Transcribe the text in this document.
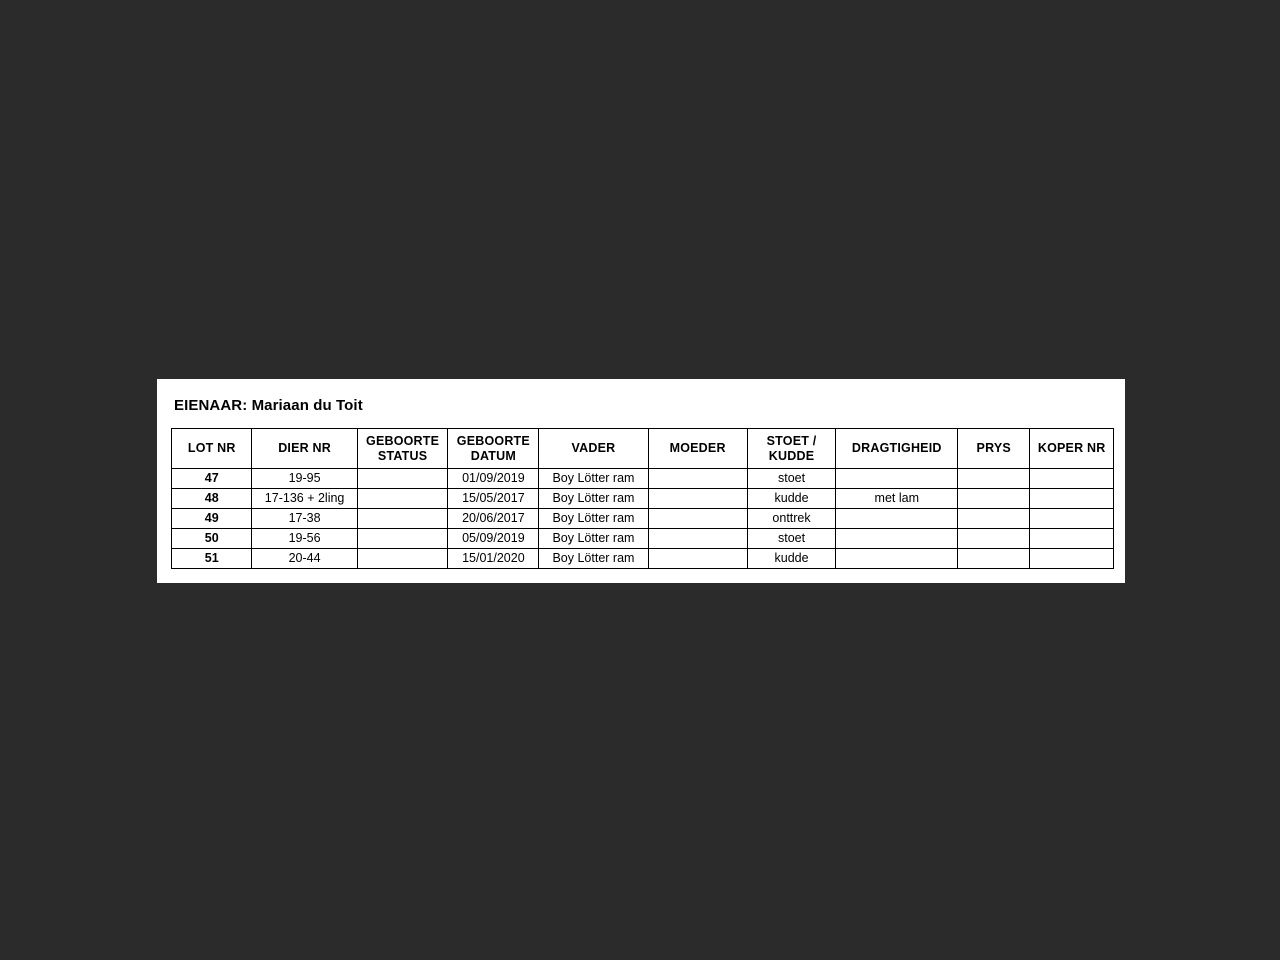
EIENAAR: Mariaan du Toit
LOT NR	DIER NR	GEBOORTE STATUS	GEBOORTE DATUM	VADER	MOEDER	STOET / KUDDE	DRAGTIGHEID	PRYS	KOPER NR
47	19-95		01/09/2019	Boy Lötter ram		stoet			
48	17-136 + 2ling		15/05/2017	Boy Lötter ram		kudde	met lam		
49	17-38		20/06/2017	Boy Lötter ram		onttrek			
50	19-56		05/09/2019	Boy Lötter ram		stoet			
51	20-44		15/01/2020	Boy Lötter ram		kudde			
